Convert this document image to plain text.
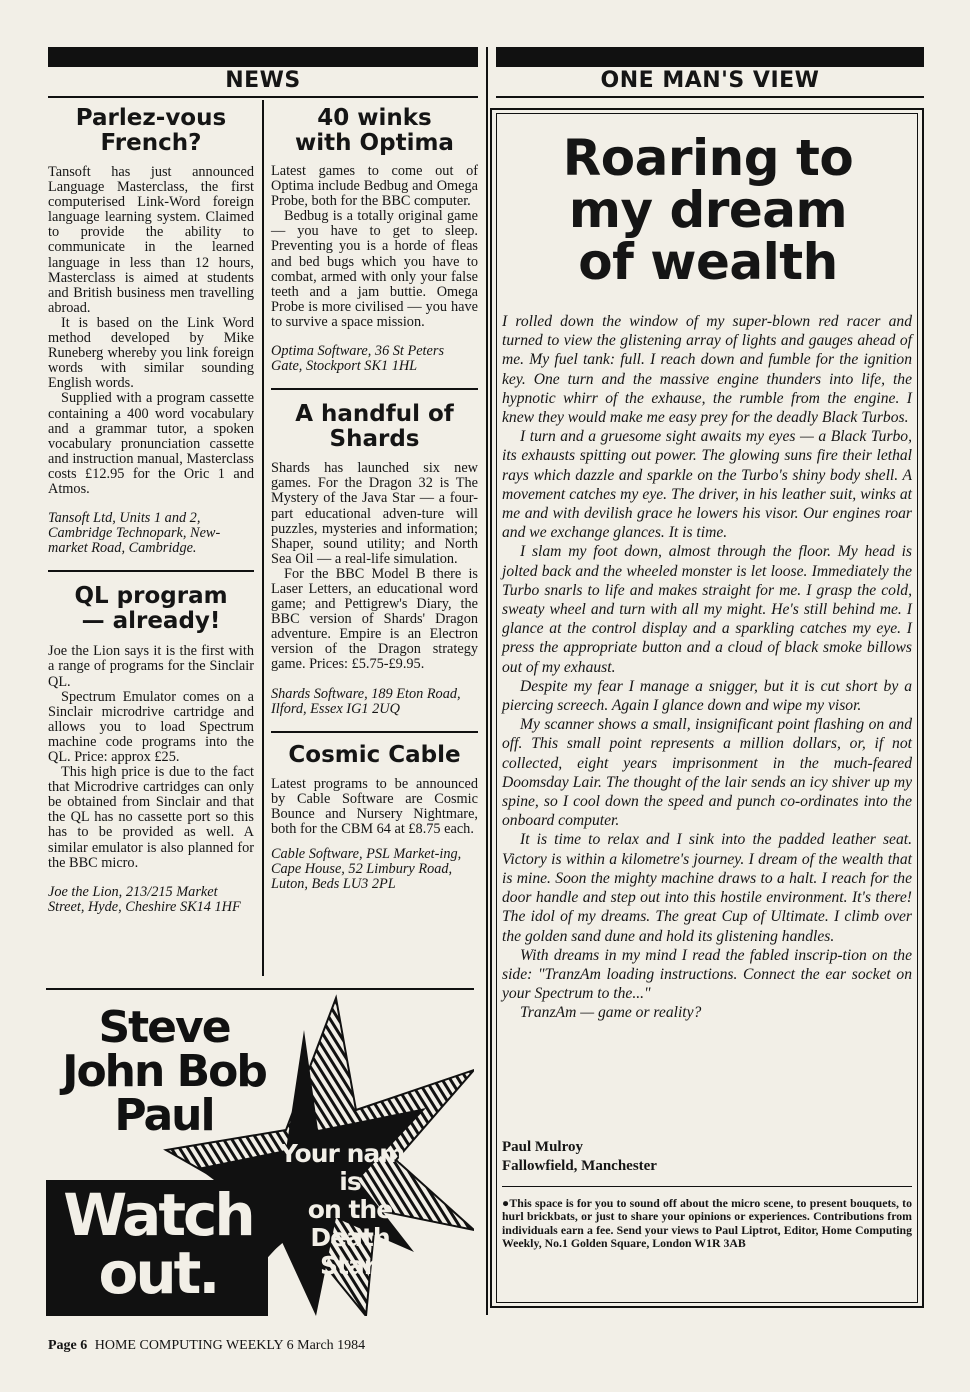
NEWS
Parlez-vous
French?

Tansoft has just announced Language Masterclass, the first computerised Link-Word foreign language learning system. Claimed to provide the ability to communicate in the learned language in less than 12 hours, Masterclass is aimed at students and British business men travelling abroad.

It is based on the Link Word method developed by Mike Runeberg whereby you link foreign words with similar sounding English words.

Supplied with a program cassette containing a 400 word vocabulary and a grammar tutor, a spoken vocabulary pronunciation cassette and instruction manual, Masterclass costs £12.95 for the Oric 1 and Atmos.

Tansoft Ltd, Units 1 and 2, Cambridge Technopark, New-market Road, Cambridge.
QL program
— already!

Joe the Lion says it is the first with a range of programs for the Sinclair QL.

Spectrum Emulator comes on a Sinclair microdrive cartridge and allows you to load Spectrum machine code programs into the QL. Price: approx £25.

This high price is due to the fact that Microdrive cartridges can only be obtained from Sinclair and that the QL has no cassette port so this has to be provided as well. A similar emulator is also planned for the BBC micro.

Joe the Lion, 213/215 Market Street, Hyde, Cheshire SK14 1HF
40 winks
with Optima

Latest games to come out of Optima include Bedbug and Omega Probe, both for the BBC computer.

Bedbug is a totally original game — you have to get to sleep. Preventing you is a horde of fleas and bed bugs which you have to combat, armed with only your false teeth and a jam buttie. Omega Probe is more civilised — you have to survive a space mission.

Optima Software, 36 St Peters Gate, Stockport SK1 1HL
A handful of
Shards

Shards has launched six new games. For the Dragon 32 is The Mystery of the Java Star — a four-part educational adven-ture will puzzles, mysteries and information; Shaper, sound utility; and North Sea Oil — a real-life simulation.

For the BBC Model B there is Laser Letters, an educational word game; and Pettigrew's Diary, the BBC version of Shards' Dragon adventure. Empire is an Electron version of the Dragon strategy game. Prices: £5.75-£9.95.

Shards Software, 189 Eton Road, Ilford, Essex IG1 2UQ
Cosmic Cable

Latest programs to be announced by Cable Software are Cosmic Bounce and Nursery Nightmare, both for the CBM 64 at £8.75 each.

Cable Software, PSL Market-ing, Cape House, 52 Limbury Road, Luton, Beds LU3 2PL
Steve
John Bob
Paul
Your name is
on the
Death
Star.
Watch
out.
ONE MAN'S VIEW
Roaring to
my dream
of wealth

I rolled down the window of my super-blown red racer and turned to view the glistening array of lights and gauges ahead of me. My fuel tank: full. I reach down and fumble for the ignition key. One turn and the massive engine thunders into life, the hypnotic whirr of the exhause, the rumble from the engine. I knew they would make me easy prey for the deadly Black Turbos.

I turn and a gruesome sight awaits my eyes — a Black Turbo, its exhausts spitting out power. The glowing suns fire their lethal rays which dazzle and sparkle on the Turbo's shiny body shell. A movement catches my eye. The driver, in his leather suit, winks at me and with devilish grace he lowers his visor. Our engines roar and we exchange glances. It is time.

I slam my foot down, almost through the floor. My head is jolted back and the wheeled monster is let loose. Immediately the Turbo snarls to life and makes straight for me. I grasp the cold, sweaty wheel and turn with all my might. He's still behind me. I glance at the control display and a sparkling catches my eye. I press the appropriate button and a cloud of black smoke billows out of my exhaust.

Despite my fear I manage a snigger, but it is cut short by a piercing screech. Again I glance down and wipe my visor.

My scanner shows a small, insignificant point flashing on and off. This small point represents a million dollars, or, if not collected, eight years imprisonment in the much-feared Doomsday Lair. The thought of the lair sends an icy shiver up my spine, so I cool down the speed and punch co-ordinates into the onboard computer.

It is time to relax and I sink into the padded leather seat. Victory is within a kilometre's journey. I dream of the wealth that is mine. Soon the mighty machine draws to a halt. I reach for the door handle and step out into this hostile environment. It's there! The idol of my dreams. The great Cup of Ultimate. I climb over the golden sand dune and hold its glistening handles.

With dreams in my mind I read the fabled inscrip-tion on the side: "TranzAm loading instructions. Connect the ear socket on your Spectrum to the..."

TranzAm — game or reality?

Paul Mulroy
Fallowfield, Manchester
●This space is for you to sound off about the micro scene, to present bouquets, to hurl brickbats, or just to share your opinions or experiences. Contributions from individuals earn a fee. Send your views to Paul Liptrot, Editor, Home Computing Weekly, No.1 Golden Square, London W1R 3AB
Page 6 HOME COMPUTING WEEKLY 6 March 1984
